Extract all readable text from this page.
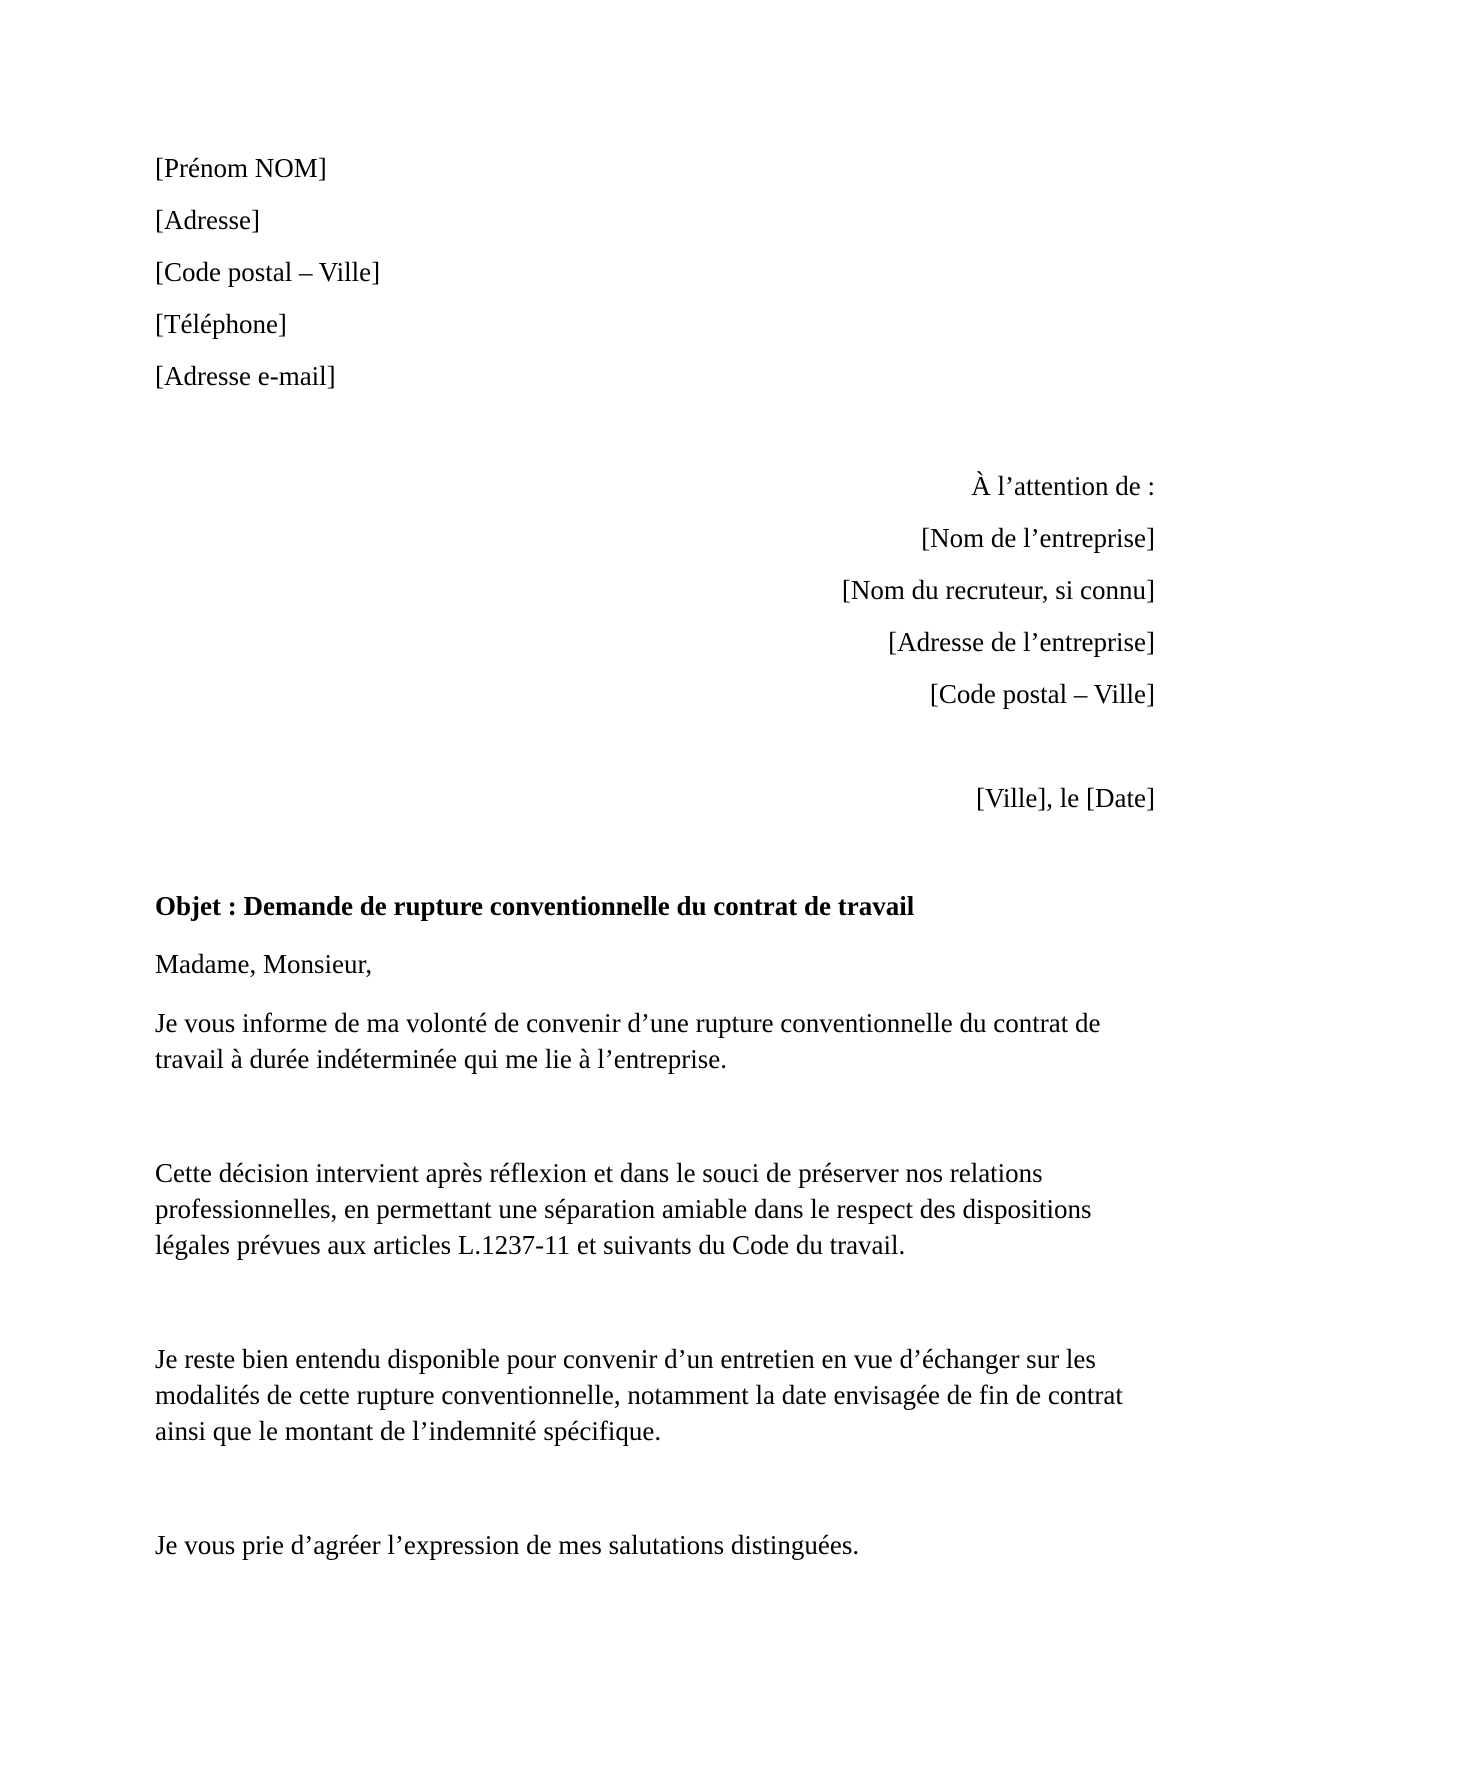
[Prénom NOM]

[Adresse]

[Code postal – Ville]

[Téléphone]

[Adresse e-mail]

À l’attention de :

[Nom de l’entreprise]

[Nom du recruteur, si connu]

[Adresse de l’entreprise]

[Code postal – Ville]

[Ville], le [Date]

Objet : Demande de rupture conventionnelle du contrat de travail

Madame, Monsieur,

Je vous informe de ma volonté de convenir d’une rupture conventionnelle du contrat de travail à durée indéterminée qui me lie à l’entreprise.

Cette décision intervient après réflexion et dans le souci de préserver nos relations professionnelles, en permettant une séparation amiable dans le respect des dispositions légales prévues aux articles L.1237-11 et suivants du Code du travail.

Je reste bien entendu disponible pour convenir d’un entretien en vue d’échanger sur les modalités de cette rupture conventionnelle, notamment la date envisagée de fin de contrat ainsi que le montant de l’indemnité spécifique.

Je vous prie d’agréer l’expression de mes salutations distinguées.
